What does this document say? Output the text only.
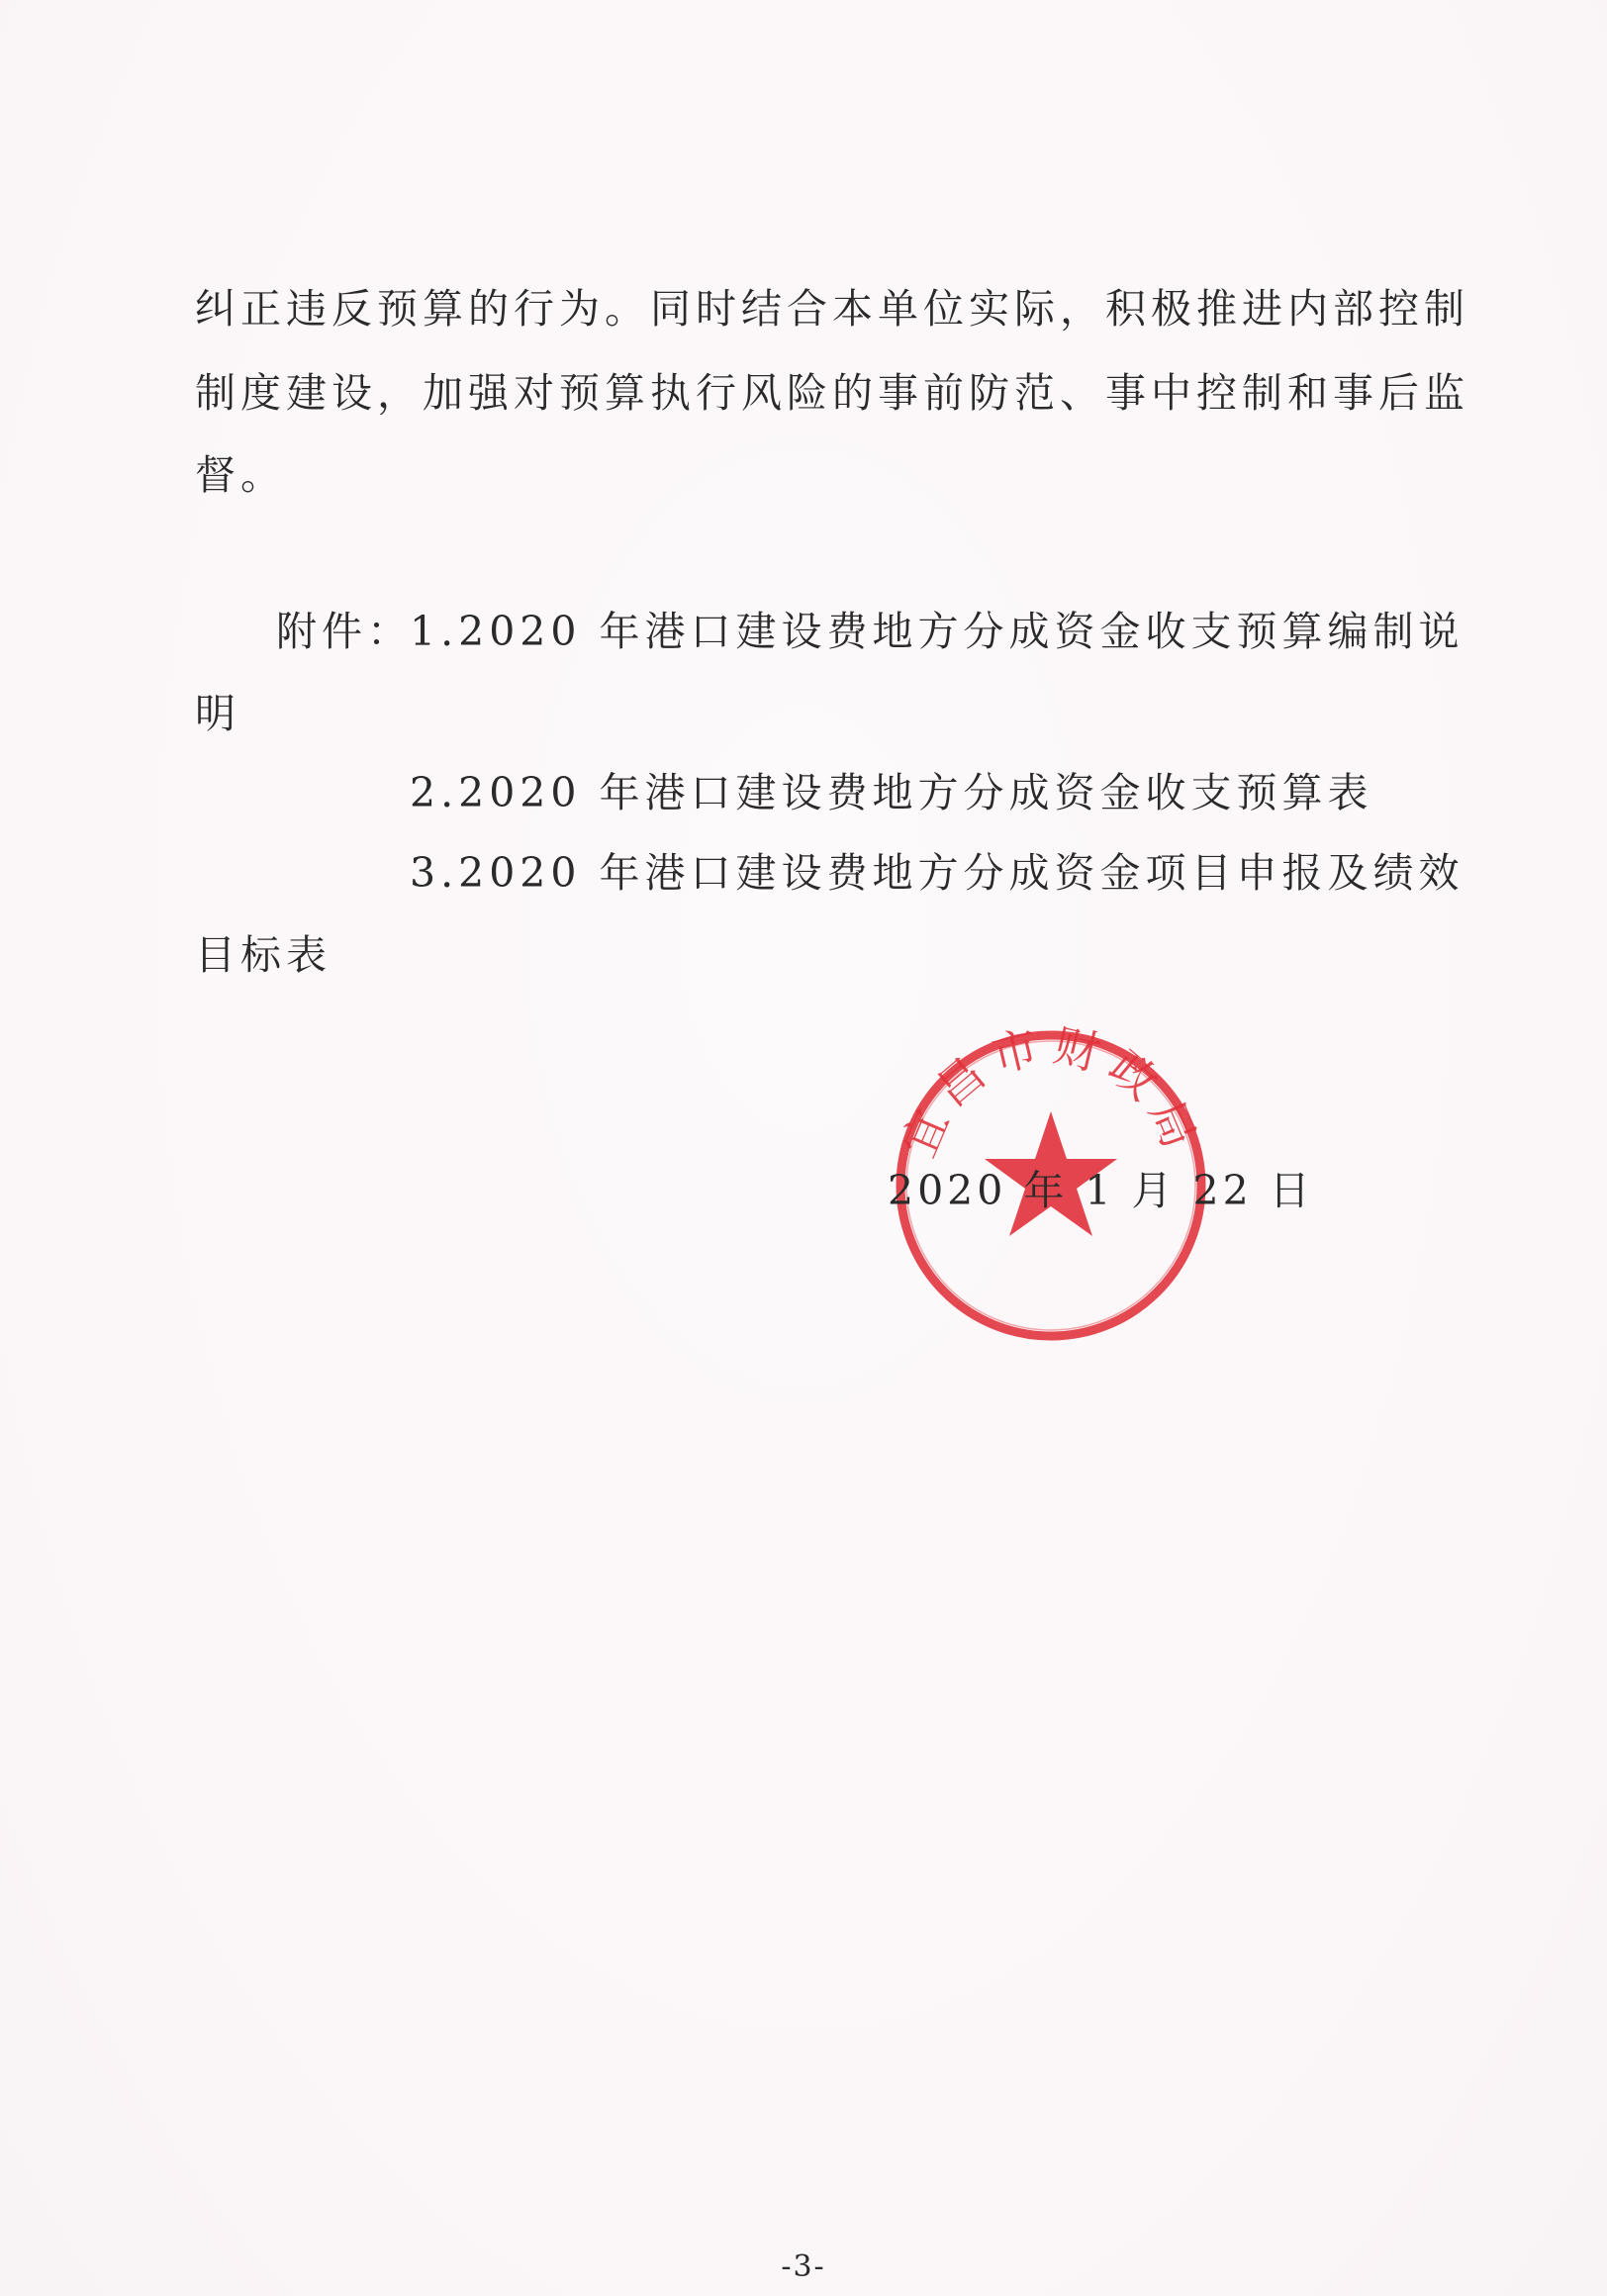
纠正违反预算的行为。同时结合本单位实际，积极推进内部控制
制度建设，加强对预算执行风险的事前防范、事中控制和事后监
督。
附件：
1.2020 年港口建设费地方分成资金收支预算编制说
明
2.2020 年港口建设费地方分成资金收支预算表
3.2020 年港口建设费地方分成资金项目申报及绩效
目标表
宜昌市财政局
2020 年 1 月 22 日
-3-
